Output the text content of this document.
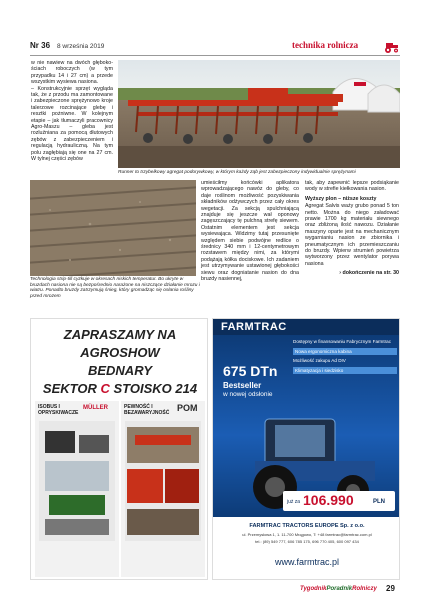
Nr 36 8 września 2019	technika rolnicza

w nie nawiew na dwóch głęboko-ściach roboczych (w tym przypadku 14 i 27 cm) a przede wszystkim wysiewa nasiona.

– Konstrukcyjnie sprzęt wygląda tak, że z przodu ma zamontowane i zabezpieczone sprężynowo kroje talerzowe rozcinające glebę i resztki pożniwne. W kolejnym etapie – jak tłumaczyli pracownicy Agro-Maszu – gleba jest rozluźniana za pomocą dłutowych zębów z zabezpieczeniem i regulacją hydrauliczną. Na tym polu zagłębiają się one na 27 cm. W tylnej części zębów

Runner to trzybelkowy agregat podorywkowy, w którym każdy ząb jest zabezpieczony indywidualnie sprężynami
Technologia strip-till cyzkuje w okresach niskich temperatur. Bo ukryte w bruzdach nasiona nie są bezpośrednio narażone na niszczące działanie mrozu i wiatru. Ponadto bruzdy zatrzymują śnieg, który gromadząc się osłania rośliny przed mrozem

umieściłmy końcówki aplikatora wprowadzającego nawóz do gleby, co daje roślinom możliwość pozyskiwania składników odżywczych przez cały okres wegetacji. Za sekcją spulchniającą znajduje się jeszcze wał oponowy zagęszczający tę pulchną strefę siewem. Ostatnim elementem jest sekcja wysiewająca. Widzimy tutaj przesunięte względem siebie podwójne redlice o średnicy 340 mm i 12-centymetrowym rozstawem między nimi, za którymi podążają kółka dociskowe. Ich zadaniem jest utrzymywanie ustawionej głębokości siewu oraz dogniatanie nasion do dna bruzdy nasiennej,

tak, aby zapewnić lepsze podsiąkanie wody w strefie kiełkowania nasion.

Wyższy plon – niższe koszty

Agregat Salvis waży grubo ponad 5 ton netto. Można do niego załadować prawie 1700 kg materiału siewnego oraz zbliżoną ilość nawozu. Działanie maszyny oparte jest na mechanicznym wygarnianiu nasion ze zbiornika i pneumatycznym ich przemieszczaniu do bruzdy. Wpierw strumień powietrza wytworzony przez wentylator porywa nasiona

› dokończenie na str. 30

ZAPRASZAMY NA
AGROSHOW
BEDNARY
SEKTOR C STOISKO 214
ISOBUS I OPRYSKIWACZE
MÜLLER	PEWNOŚĆ I BEZAWARYJNOŚĆ POM
FARMTRAC
675 DTn
Bestseller
w nowej odsłonie
Dostępny w finansowaniu Fabrycznym Farmtrac
Nowa ergonomiczna kabina
Możliwość zakupu Ad DIV
Klimatyzacja i siedzisko
już za 106.990	PLN
FARMTRAC TRACTORS EUROPE Sp. z o.o.
ul. Przemysłowa 1, 1. 11-700 Mrągowo, T: +48 farmtrac@farmtrac.com.pl
tel.: (89) 549 777, 606 785 175, 696 770 405, 600 097 434
www.farmtrac.pl
TygodnikPoradnikRolniczy 29
